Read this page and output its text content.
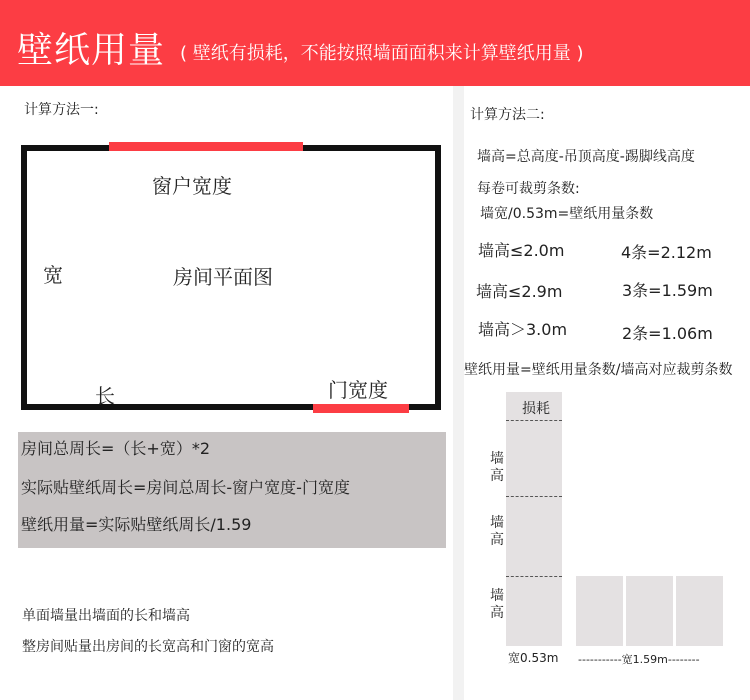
壁纸用量 ( 壁纸有损耗，不能按照墙面面积来计算壁纸用量 )
计算方法一:
窗户宽度
宽	房间平面图
长	门宽度
房间总周长=（长+宽）*2
实际贴壁纸周长=房间总周长-窗户宽度-门宽度
壁纸用量=实际贴壁纸周长/1.59
单面墙量出墙面的长和墙高
整房间贴量出房间的长宽高和门窗的宽高
计算方法二:
墙高=总高度-吊顶高度-踢脚线高度
每卷可裁剪条数:
墙宽/0.53m=壁纸用量条数
墙高≤2.0m	4条=2.12m
墙高≤2.9m	3条=1.59m
墙高＞3.0m	2条=1.06m
壁纸用量=壁纸用量条数/墙高对应裁剪条数
损耗
墙高
墙高
墙高
宽0.53m -----------宽1.59m--------
